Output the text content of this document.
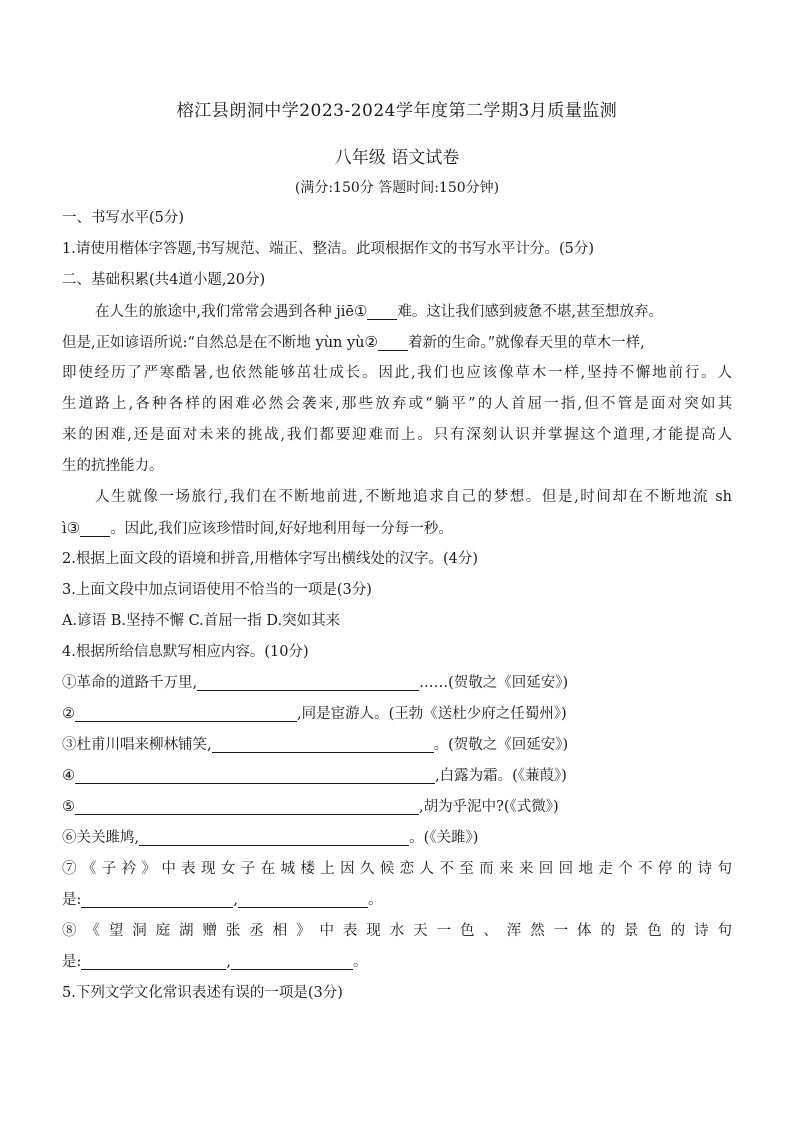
榕江县朗洞中学2023-2024学年度第二学期3月质量监测
八年级 语文试卷
(满分:150分 答题时间:150分钟)
一、书写水平(5分)
1.请使用楷体字答题,书写规范、端正、整洁。此项根据作文的书写水平计分。(5分)
二、基础积累(共4道小题,20分)
在人生的旅途中,我们常常会遇到各种 jiē① 难。这让我们感到疲惫不堪,甚至想放弃。
但是,正如谚语所说:“自然总是在不断地 yùn yù② 着新的生命。”就像春天里的草木一样,
即使经历了严寒酷暑,也依然能够茁壮成长。因此,我们也应该像草木一样,坚持不懈地前行。人
生道路上,各种各样的困难必然会袭来,那些放弃或“躺平”的人首屈一指,但不管是面对突如其
来的困难,还是面对未来的挑战,我们都要迎难而上。只有深刻认识并掌握这个道理,才能提高人
生的抗挫能力。
人生就像一场旅行,我们在不断地前进,不断地追求自己的梦想。但是,时间却在不断地流 sh
ì③ 。因此,我们应该珍惜时间,好好地利用每一分每一秒。
2.根据上面文段的语境和拼音,用楷体字写出横线处的汉字。(4分)
3.上面文段中加点词语使用不恰当的一项是(3分)
A.谚语 B.坚持不懈 C.首屈一指 D.突如其来
4.根据所给信息默写相应内容。(10分)
①革命的道路千万里,	……(贺敬之《回延安》)
②	,同是宦游人。(王勃《送杜少府之任蜀州》)
③杜甫川唱来柳林铺笑,	。(贺敬之《回延安》)
④	,白露为霜。(《蒹葭》)
⑤	,胡为乎泥中?(《式微》)
⑥关关雎鸠,	。(《关雎》)
⑦《子衿》中表现女子在城楼上因久候恋人不至而来来回回地走个不停的诗句
是:	,	。
⑧《望洞庭湖赠张丞相》中表现水天一色、浑然一体的景色的诗句
是:	,	。
5.下列文学文化常识表述有误的一项是(3分)
